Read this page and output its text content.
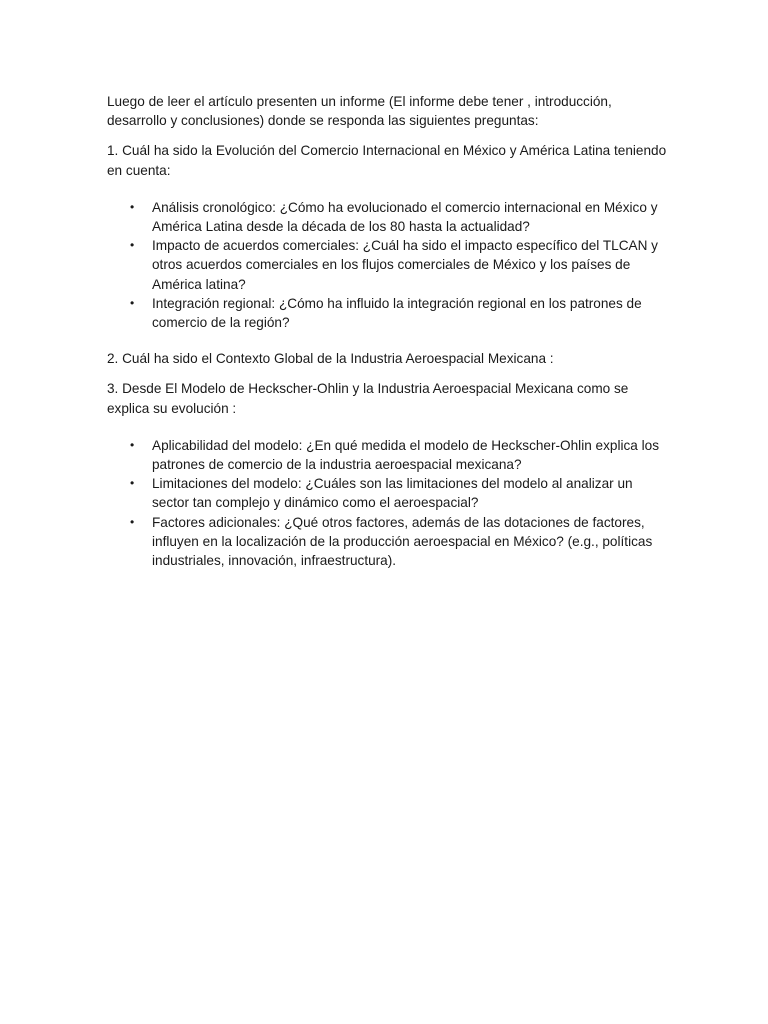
Luego de leer el artículo presenten un informe (El informe debe tener , introducción, desarrollo y conclusiones) donde se responda las siguientes preguntas:

1. Cuál ha sido la Evolución del Comercio Internacional en México y América Latina teniendo en cuenta:

• Análisis cronológico: ¿Cómo ha evolucionado el comercio internacional en México y América Latina desde la década de los 80 hasta la actualidad?
• Impacto de acuerdos comerciales: ¿Cuál ha sido el impacto específico del TLCAN y otros acuerdos comerciales en los flujos comerciales de México y los países de América latina?
• Integración regional: ¿Cómo ha influido la integración regional en los patrones de comercio de la región?

2. Cuál ha sido el Contexto Global de la Industria Aeroespacial Mexicana :

3. Desde El Modelo de Heckscher-Ohlin y la Industria Aeroespacial Mexicana como se explica su evolución :

• Aplicabilidad del modelo: ¿En qué medida el modelo de Heckscher-Ohlin explica los patrones de comercio de la industria aeroespacial mexicana?
• Limitaciones del modelo: ¿Cuáles son las limitaciones del modelo al analizar un sector tan complejo y dinámico como el aeroespacial?
• Factores adicionales: ¿Qué otros factores, además de las dotaciones de factores, influyen en la localización de la producción aeroespacial en México? (e.g., políticas industriales, innovación, infraestructura).
